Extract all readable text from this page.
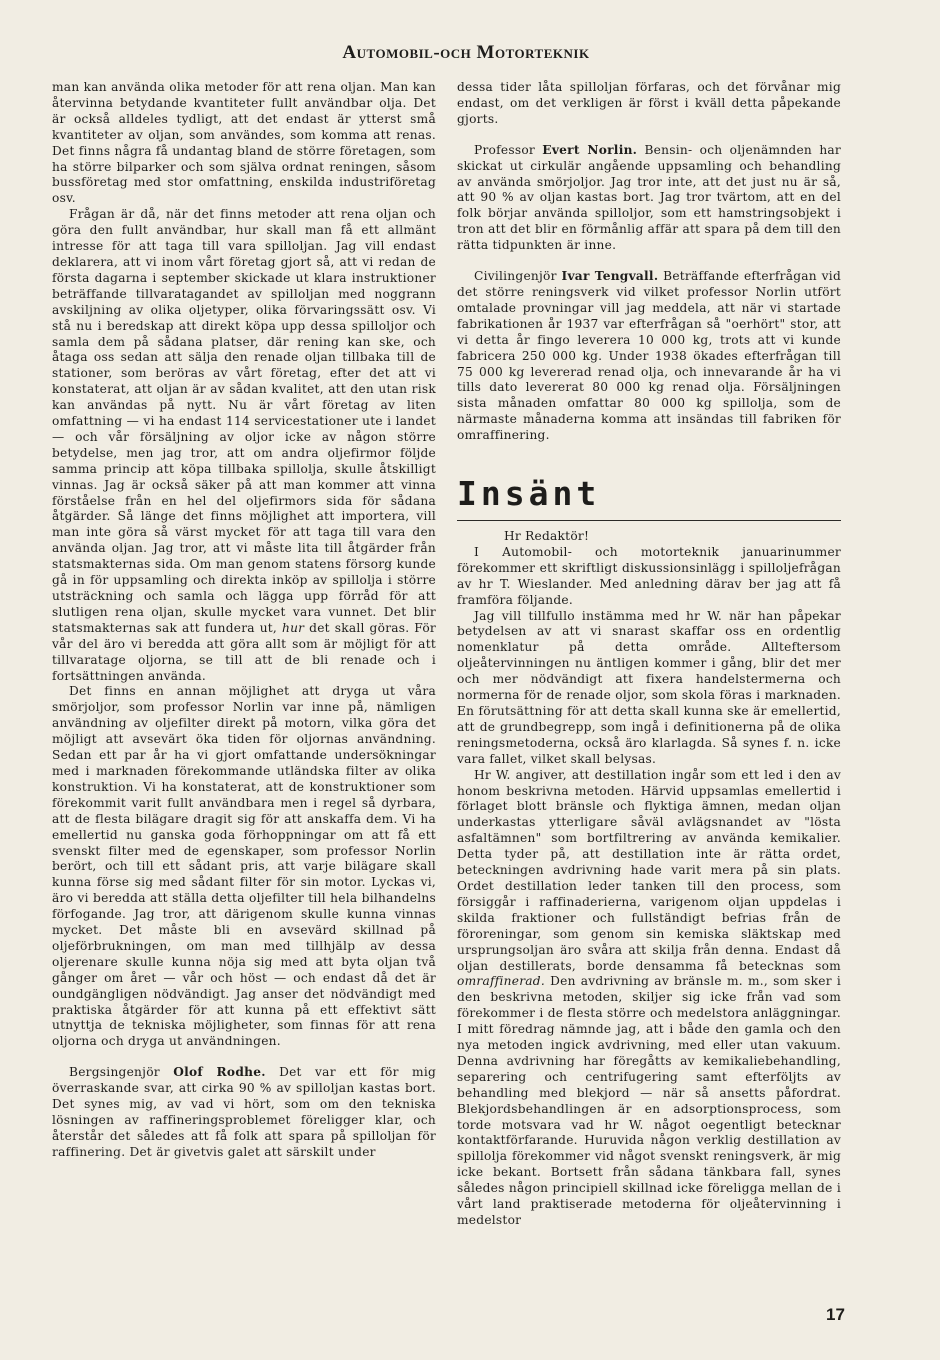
Automobil-och Motorteknik

man kan använda olika metoder för att rena oljan. Man kan återvinna betydande kvantiteter fullt användbar olja. Det är också alldeles tydligt, att det endast är ytterst små kvantiteter av oljan, som användes, som komma att renas. Det finns några få undantag bland de större företagen, som ha större bilparker och som själva ordnat reningen, såsom bussföretag med stor omfattning, enskilda industriföretag osv.

Frågan är då, när det finns metoder att rena oljan och göra den fullt användbar, hur skall man få ett allmänt intresse för att taga till vara spilloljan. Jag vill endast deklarera, att vi inom vårt företag gjort så, att vi redan de första dagarna i september skickade ut klara instruktioner beträffande tillvaratagandet av spilloljan med noggrann avskiljning av olika oljetyper, olika förvaringssätt osv. Vi stå nu i beredskap att direkt köpa upp dessa spilloljor och samla dem på sådana platser, där rening kan ske, och åtaga oss sedan att sälja den renade oljan tillbaka till de stationer, som beröras av vårt företag, efter det att vi konstaterat, att oljan är av sådan kvalitet, att den utan risk kan användas på nytt. Nu är vårt företag av liten omfattning — vi ha endast 114 servicestationer ute i landet — och vår försäljning av oljor icke av någon större betydelse, men jag tror, att om andra oljefirmor följde samma princip att köpa tillbaka spillolja, skulle åtskilligt vinnas. Jag är också säker på att man kommer att vinna förståelse från en hel del oljefirmors sida för sådana åtgärder. Så länge det finns möjlighet att importera, vill man inte göra så värst mycket för att taga till vara den använda oljan. Jag tror, att vi måste lita till åtgärder från statsmakternas sida. Om man genom statens försorg kunde gå in för uppsamling och direkta inköp av spillolja i större utsträckning och samla och lägga upp förråd för att slutligen rena oljan, skulle mycket vara vunnet. Det blir statsmakternas sak att fundera ut, hur det skall göras. För vår del äro vi beredda att göra allt som är möjligt för att tillvaratage oljorna, se till att de bli renade och i fortsättningen använda.

Det finns en annan möjlighet att dryga ut våra smörjoljor, som professor Norlin var inne på, nämligen användning av oljefilter direkt på motorn, vilka göra det möjligt att avsevärt öka tiden för oljornas användning. Sedan ett par år ha vi gjort omfattande undersökningar med i marknaden förekommande utländska filter av olika konstruktion. Vi ha konstaterat, att de konstruktioner som förekommit varit fullt användbara men i regel så dyrbara, att de flesta bilägare dragit sig för att anskaffa dem. Vi ha emellertid nu ganska goda förhoppningar om att få ett svenskt filter med de egenskaper, som professor Norlin berört, och till ett sådant pris, att varje bilägare skall kunna förse sig med sådant filter för sin motor. Lyckas vi, äro vi beredda att ställa detta oljefilter till hela bilhandelns förfogande. Jag tror, att därigenom skulle kunna vinnas mycket. Det måste bli en avsevärd skillnad på oljeförbrukningen, om man med tillhjälp av dessa oljerenare skulle kunna nöja sig med att byta oljan två gånger om året — vår och höst — och endast då det är oundgängligen nödvändigt. Jag anser det nödvändigt med praktiska åtgärder för att kunna på ett effektivt sätt utnyttja de tekniska möjligheter, som finnas för att rena oljorna och dryga ut användningen.

Bergsingenjör Olof Rodhe. Det var ett för mig överraskande svar, att cirka 90 % av spilloljan kastas bort. Det synes mig, av vad vi hört, som om den tekniska lösningen av raffineringsproblemet föreligger klar, och återstår det således att få folk att spara på spilloljan för raffinering. Det är givetvis galet att särskilt under

dessa tider låta spilloljan förfaras, och det förvånar mig endast, om det verkligen är först i kväll detta påpekande gjorts.

Professor Evert Norlin. Bensin- och oljenämnden har skickat ut cirkulär angående uppsamling och behandling av använda smörjoljor. Jag tror inte, att det just nu är så, att 90 % av oljan kastas bort. Jag tror tvärtom, att en del folk börjar använda spilloljor, som ett hamstringsobjekt i tron att det blir en förmånlig affär att spara på dem till den rätta tidpunkten är inne.

Civilingenjör Ivar Tengvall. Beträffande efterfrågan vid det större reningsverk vid vilket professor Norlin utfört omtalade provningar vill jag meddela, att när vi startade fabrikationen år 1937 var efterfrågan så "oerhört" stor, att vi detta år fingo leverera 10 000 kg, trots att vi kunde fabricera 250 000 kg. Under 1938 ökades efterfrågan till 75 000 kg levererad renad olja, och innevarande år ha vi tills dato levererat 80 000 kg renad olja. Försäljningen sista månaden omfattar 80 000 kg spillolja, som de närmaste månaderna komma att insändas till fabriken för omraffinering.

Insänt

Hr Redaktör!

I Automobil- och motorteknik januarinummer förekommer ett skriftligt diskussionsinlägg i spilloljefrågan av hr T. Wieslander. Med anledning därav ber jag att få framföra följande.

Jag vill tillfullo instämma med hr W. när han påpekar betydelsen av att vi snarast skaffar oss en ordentlig nomenklatur på detta område. Allteftersom oljeåtervinningen nu äntligen kommer i gång, blir det mer och mer nödvändigt att fixera handelstermerna och normerna för de renade oljor, som skola föras i marknaden. En förutsättning för att detta skall kunna ske är emellertid, att de grundbegrepp, som ingå i definitionerna på de olika reningsmetoderna, också äro klarlagda. Så synes f. n. icke vara fallet, vilket skall belysas.

Hr W. angiver, att destillation ingår som ett led i den av honom beskrivna metoden. Härvid uppsamlas emellertid i förlaget blott bränsle och flyktiga ämnen, medan oljan underkastas ytterligare såväl avlägsnandet av "lösta asfaltämnen" som bortfiltrering av använda kemikalier. Detta tyder på, att destillation inte är rätta ordet, beteckningen avdrivning hade varit mera på sin plats. Ordet destillation leder tanken till den process, som försiggår i raffinaderierna, varigenom oljan uppdelas i skilda fraktioner och fullständigt befrias från de föroreningar, som genom sin kemiska släktskap med ursprungsoljan äro svåra att skilja från denna. Endast då oljan destillerats, borde densamma få betecknas som omraffinerad. Den avdrivning av bränsle m. m., som sker i den beskrivna metoden, skiljer sig icke från vad som förekommer i de flesta större och medelstora anläggningar. I mitt föredrag nämnde jag, att i både den gamla och den nya metoden ingick avdrivning, med eller utan vakuum. Denna avdrivning har föregåtts av kemikaliebehandling, separering och centrifugering samt efterföljts av behandling med blekjord — när så ansetts påfordrat. Blekjordsbehandlingen är en adsorptionsprocess, som torde motsvara vad hr W. något oegentligt betecknar kontaktförfarande. Huruvida någon verklig destillation av spillolja förekommer vid något svenskt reningsverk, är mig icke bekant. Bortsett från sådana tänkbara fall, synes således någon principiell skillnad icke föreligga mellan de i vårt land praktiserade metoderna för oljeåtervinning i medelstor

17
